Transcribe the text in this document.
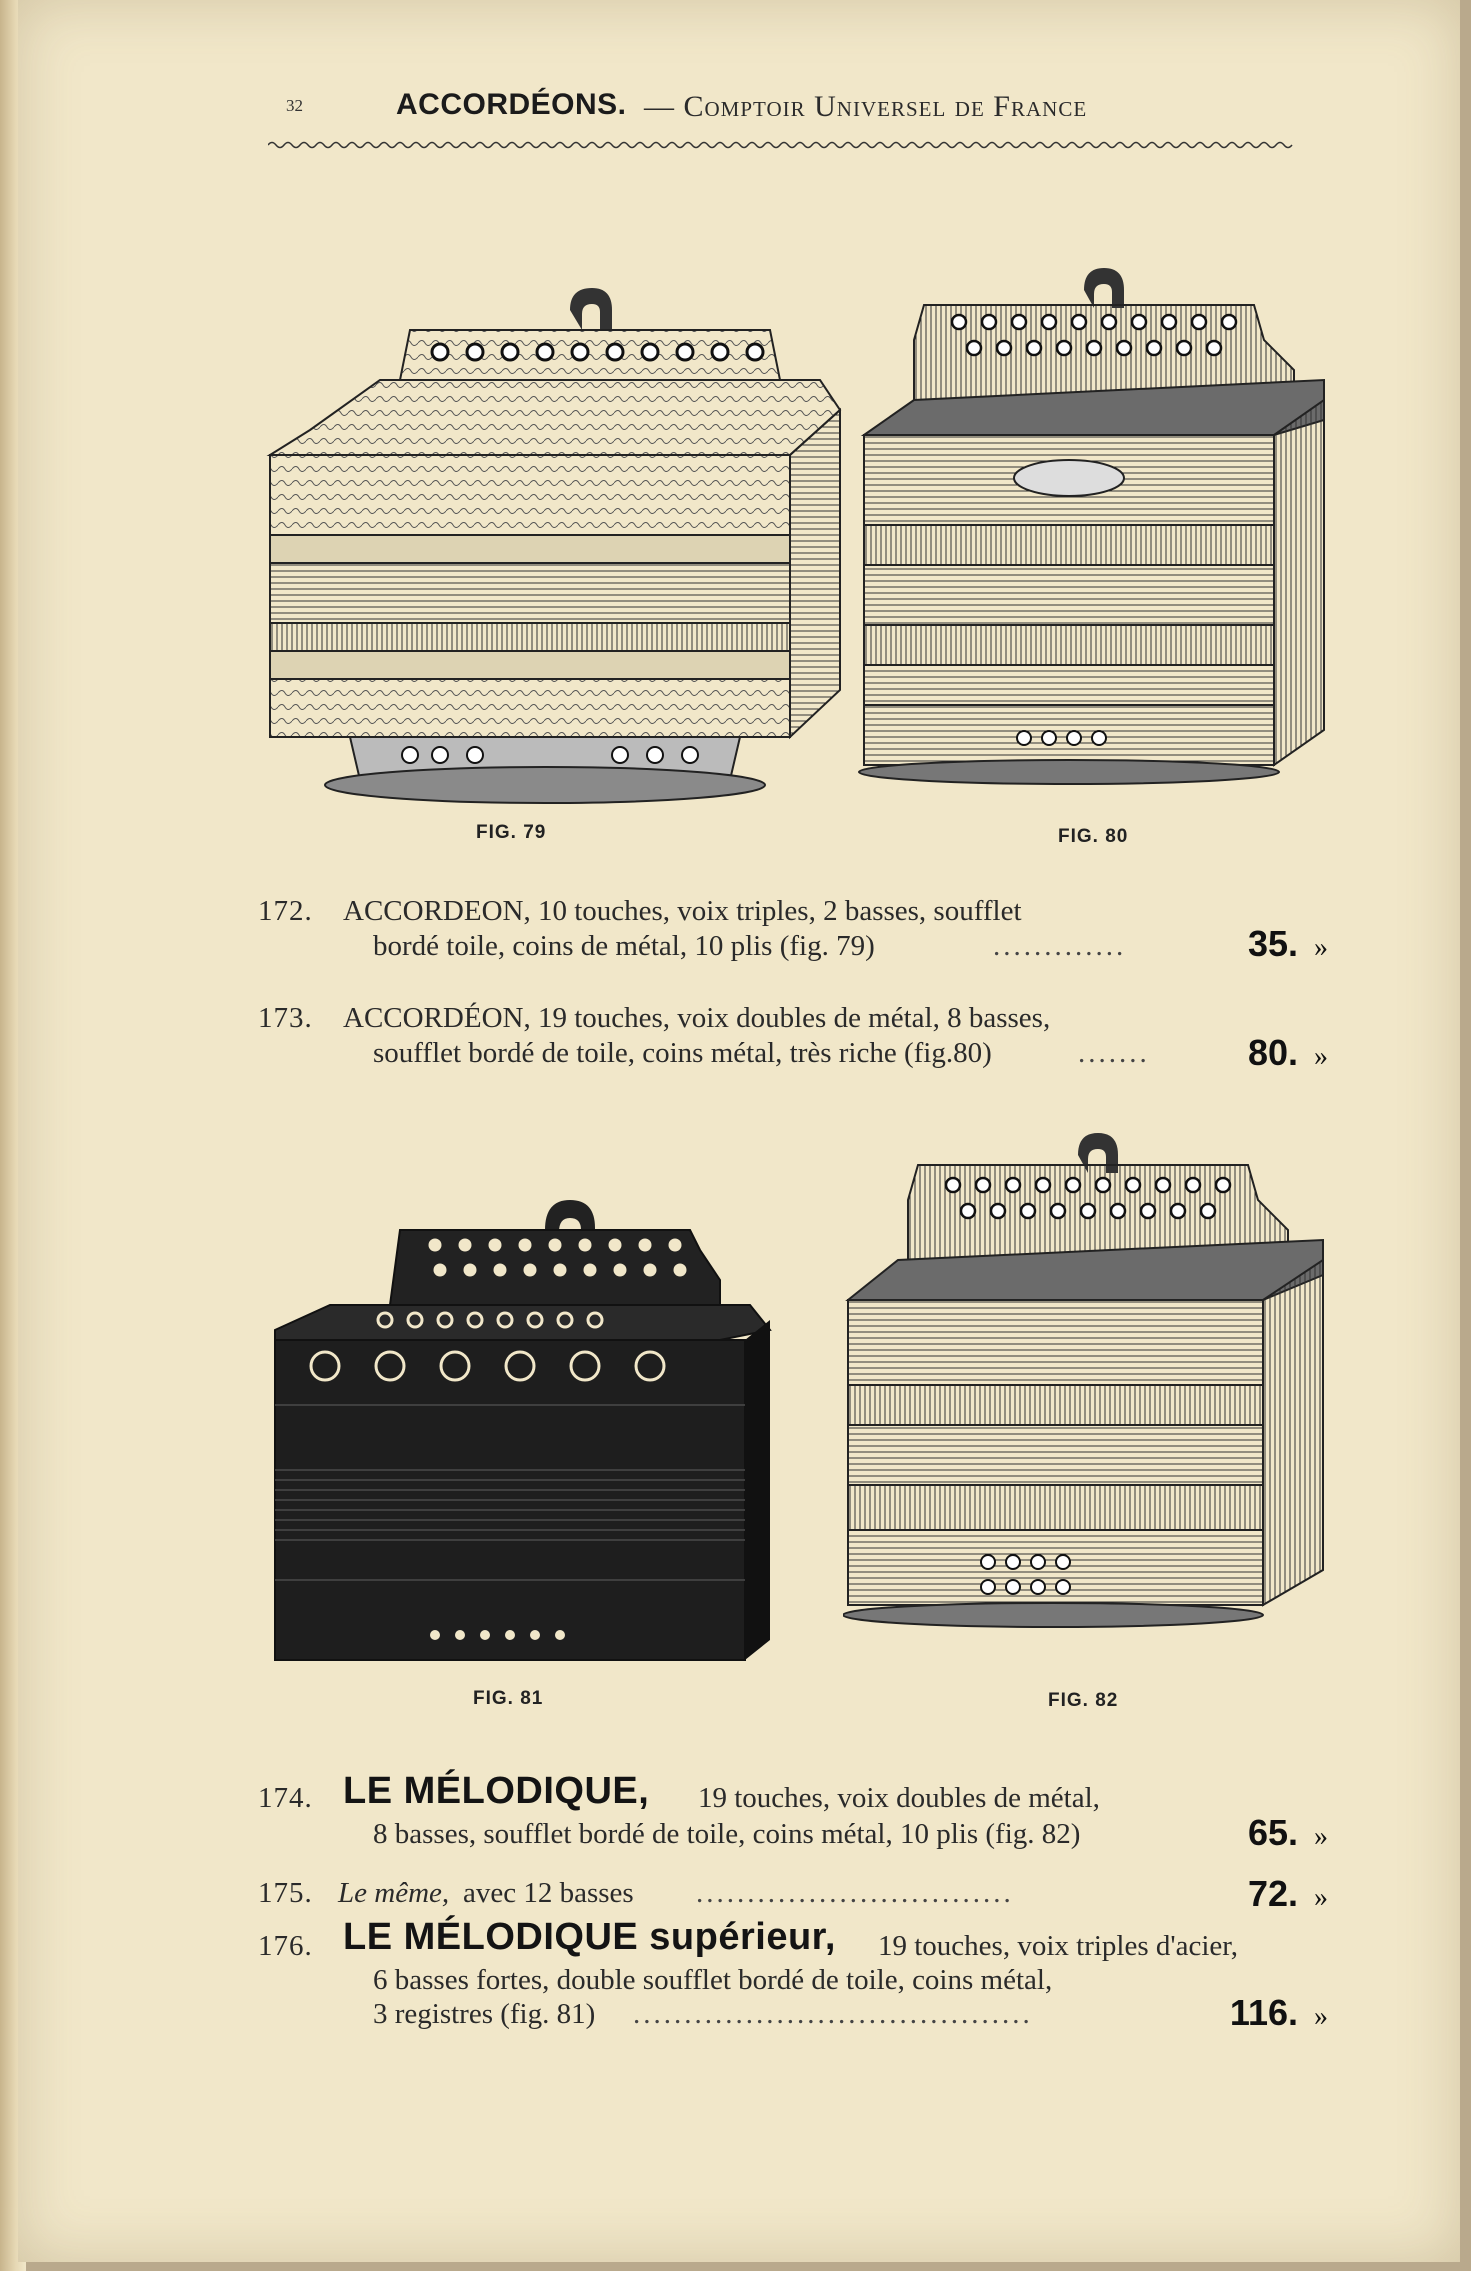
32	ACCORDÉONS. — Comptoir Universel de France
FIG. 79	FIG. 80
172. ACCORDEON, 10 touches, voix triples, 2 basses, soufflet
bordé toile, coins de métal, 10 plis (fig. 79)	.............	35. »
173. ACCORDÉON, 19 touches, voix doubles de métal, 8 basses,
soufflet bordé de toile, coins métal, très riche (fig.80)	.......	80. »
FIG. 81	FIG. 82
174. LE MÉLODIQUE, 19 touches, voix doubles de métal,
8 basses, soufflet bordé de toile, coins métal, 10 plis (fig. 82)	65. »
175. Le même, avec 12 basses ...............................	72. »
176. LE MÉLODIQUE supérieur, 19 touches, voix triples d'acier,
6 basses fortes, double soufflet bordé de toile, coins métal,
3 registres (fig. 81) .......................................	116. »
